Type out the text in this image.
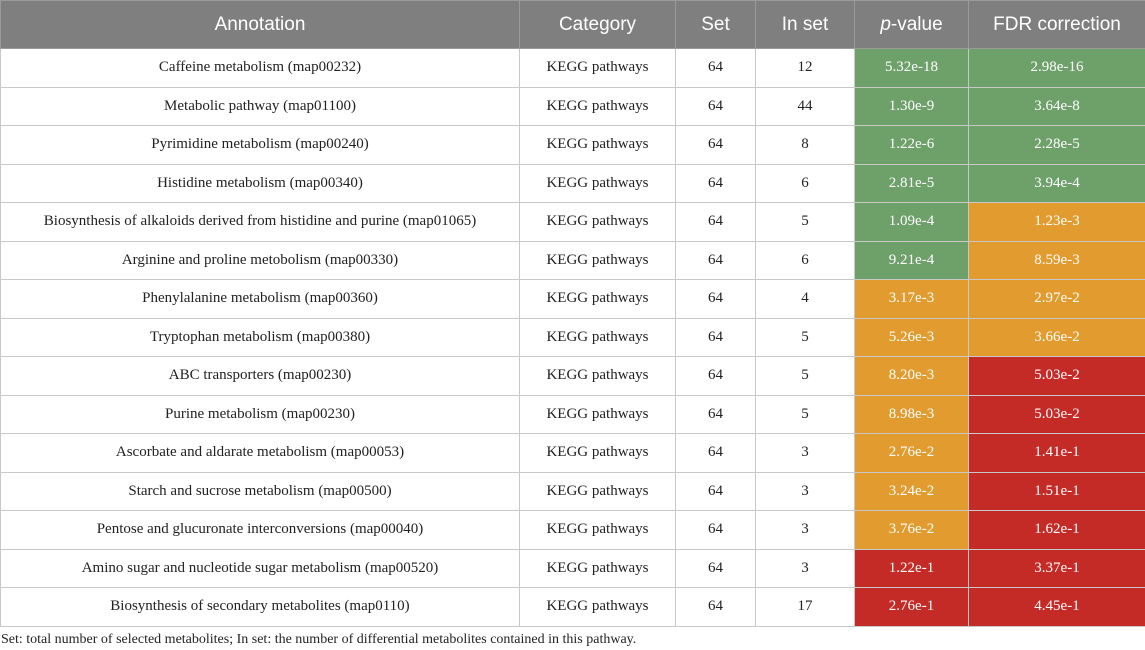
Annotation	Category	Set	In set	p-value	FDR correction
Caffeine metabolism (map00232)	KEGG pathways	64	12	5.32e-18	2.98e-16
Metabolic pathway (map01100)	KEGG pathways	64	44	1.30e-9	3.64e-8
Pyrimidine metabolism (map00240)	KEGG pathways	64	8	1.22e-6	2.28e-5
Histidine metabolism (map00340)	KEGG pathways	64	6	2.81e-5	3.94e-4
Biosynthesis of alkaloids derived from histidine and purine (map01065)	KEGG pathways	64	5	1.09e-4	1.23e-3
Arginine and proline metobolism (map00330)	KEGG pathways	64	6	9.21e-4	8.59e-3
Phenylalanine metabolism (map00360)	KEGG pathways	64	4	3.17e-3	2.97e-2
Tryptophan metabolism (map00380)	KEGG pathways	64	5	5.26e-3	3.66e-2
ABC transporters (map00230)	KEGG pathways	64	5	8.20e-3	5.03e-2
Purine metabolism (map00230)	KEGG pathways	64	5	8.98e-3	5.03e-2
Ascorbate and aldarate metabolism (map00053)	KEGG pathways	64	3	2.76e-2	1.41e-1
Starch and sucrose metabolism (map00500)	KEGG pathways	64	3	3.24e-2	1.51e-1
Pentose and glucuronate interconversions (map00040)	KEGG pathways	64	3	3.76e-2	1.62e-1
Amino sugar and nucleotide sugar metabolism (map00520)	KEGG pathways	64	3	1.22e-1	3.37e-1
Biosynthesis of secondary metabolites (map0110)	KEGG pathways	64	17	2.76e-1	4.45e-1
Set: total number of selected metabolites; In set: the number of differential metabolites contained in this pathway.
